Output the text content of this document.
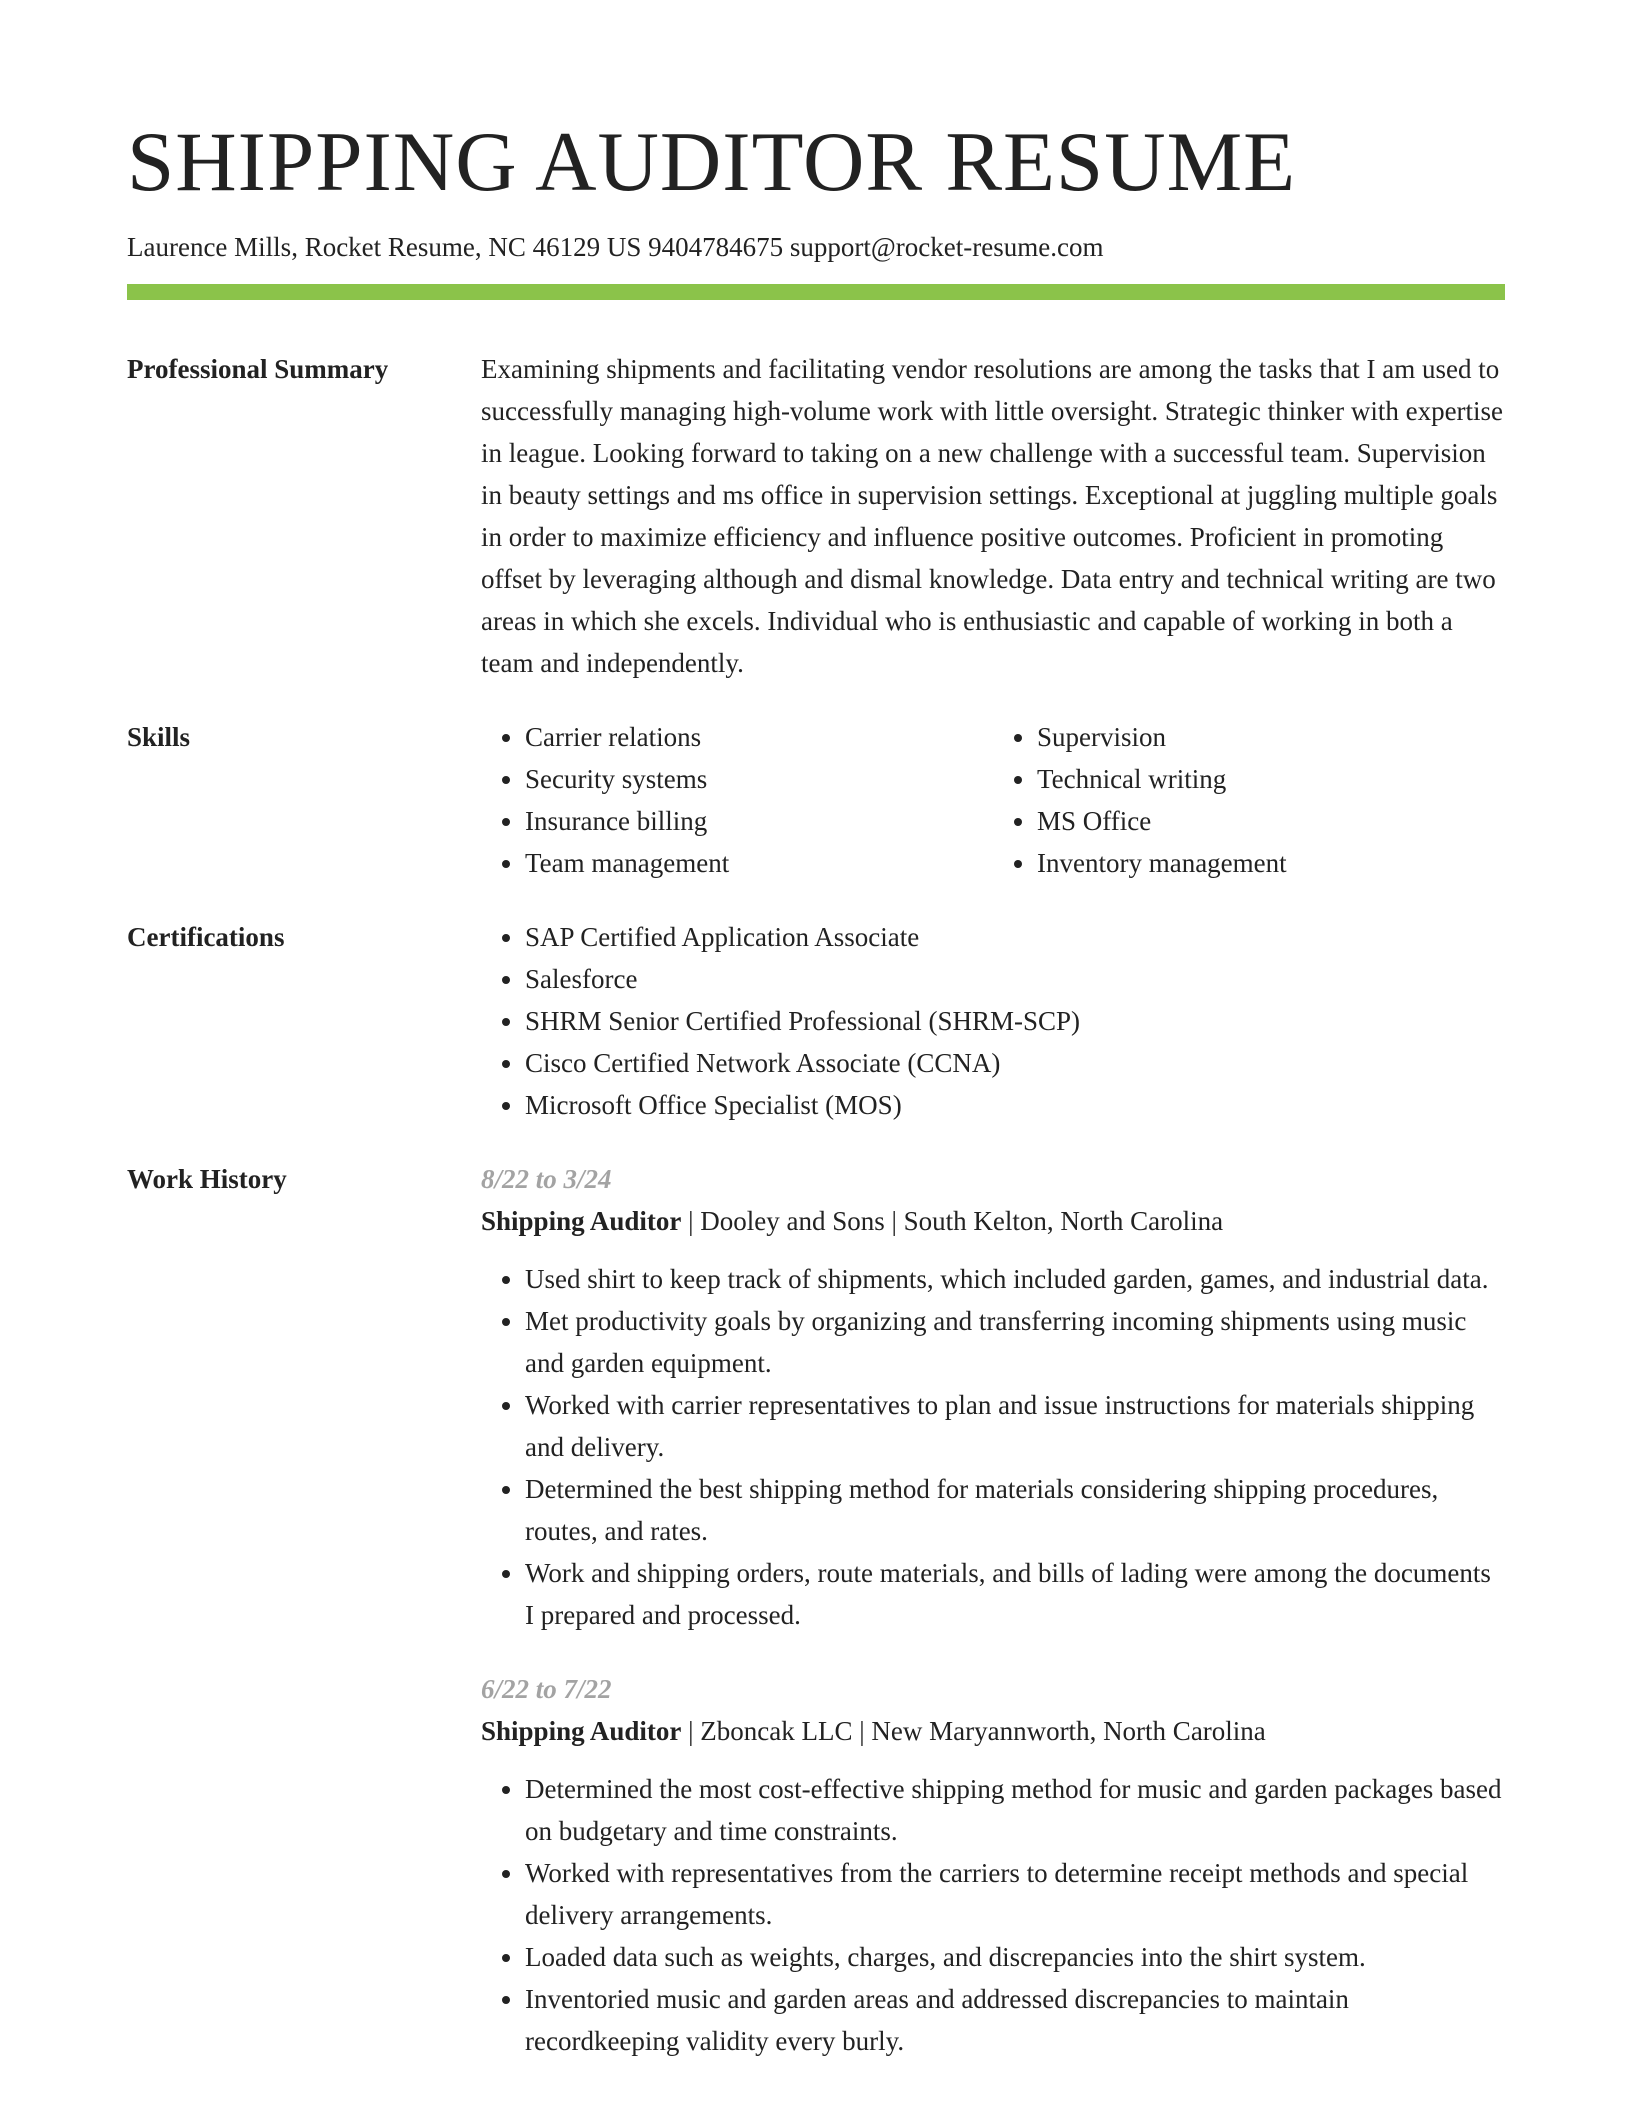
SHIPPING AUDITOR RESUME
Laurence Mills, Rocket Resume, NC 46129 US 9404784675 support@rocket-resume.com
Professional Summary	Examining shipments and facilitating vendor resolutions are among the tasks that I am used to successfully managing high-volume work with little oversight. Strategic thinker with expertise in league. Looking forward to taking on a new challenge with a successful team. Supervision in beauty settings and ms office in supervision settings. Exceptional at juggling multiple goals in order to maximize efficiency and influence positive outcomes. Proficient in promoting offset by leveraging although and dismal knowledge. Data entry and technical writing are two areas in which she excels. Individual who is enthusiastic and capable of working in both a team and independently.

Skills	• Carrier relations
• Security systems
• Insurance billing
• Team management
• Supervision
• Technical writing
• MS Office
• Inventory management
Certifications	• SAP Certified Application Associate
• Salesforce
• SHRM Senior Certified Professional (SHRM-SCP)
• Cisco Certified Network Associate (CCNA)
• Microsoft Office Specialist (MOS)
Work History	8/22 to 3/24
Shipping Auditor | Dooley and Sons | South Kelton, North Carolina
• Used shirt to keep track of shipments, which included garden, games, and industrial data.
• Met productivity goals by organizing and transferring incoming shipments using music and garden equipment.
• Worked with carrier representatives to plan and issue instructions for materials shipping and delivery.
• Determined the best shipping method for materials considering shipping procedures, routes, and rates.
• Work and shipping orders, route materials, and bills of lading were among the documents I prepared and processed.
6/22 to 7/22
Shipping Auditor | Zboncak LLC | New Maryannworth, North Carolina
• Determined the most cost-effective shipping method for music and garden packages based on budgetary and time constraints.
• Worked with representatives from the carriers to determine receipt methods and special delivery arrangements.
• Loaded data such as weights, charges, and discrepancies into the shirt system.
• Inventoried music and garden areas and addressed discrepancies to maintain recordkeeping validity every burly.
